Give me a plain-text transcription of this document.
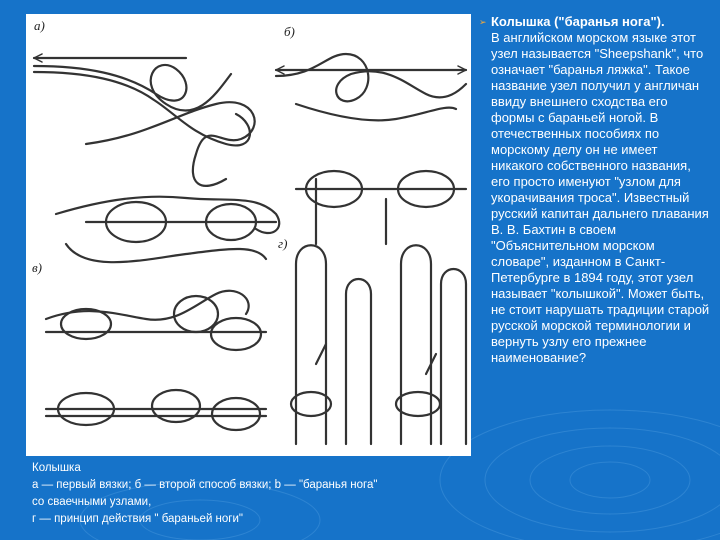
а)	б)
в)
г)
Колышка
а — первый вязки; б — второй способ вязки; b — "баранья нога"
со сваечными узлами,
г — принцип действия " бараньей ноги"
➢ Колышка ("баранья нога").

В английском морском языке этот узел называется "Sheepshank", что означает "баранья ляжка". Такое название узел получил у англичан ввиду внешнего сходства его формы с бараньей ногой. В отечественных пособиях по морскому делу он не имеет никакого собственного названия, его просто именуют "узлом для укорачивания троса". Известный русский капитан дальнего плавания В. В. Бахтин в своем "Объяснительном морском словаре", изданном в Санкт-Петербурге в 1894 году, этот узел называет "колышкой". Может быть, не стоит нарушать традиции старой русской морской терминологии и вернуть узлу его прежнее наименование?
